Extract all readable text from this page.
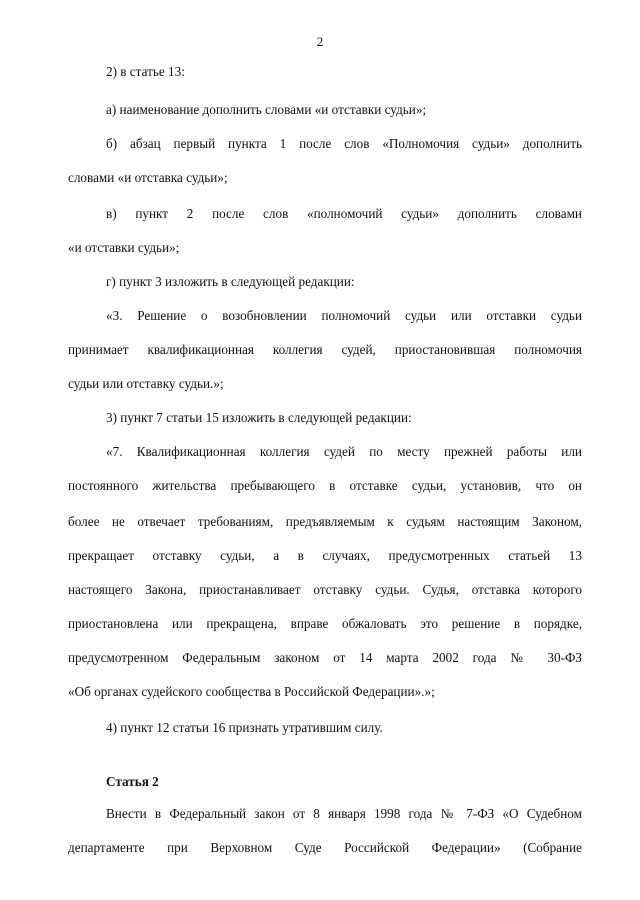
2
2) в статье 13:
а) наименование дополнить словами «и отставки судьи»;
б) абзац первый пункта 1 после слов «Полномочия судьи» дополнить
словами «и отставка судьи»;
в) пункт 2 после слов «полномочий судьи» дополнить словами
«и отставки судьи»;
г) пункт 3 изложить в следующей редакции:
«3. Решение о возобновлении полномочий судьи или отставки судьи
принимает квалификационная коллегия судей, приостановившая полномочия
судьи или отставку судьи.»;
3) пункт 7 статьи 15 изложить в следующей редакции:
«7. Квалификационная коллегия судей по месту прежней работы или
постоянного жительства пребывающего в отставке судьи, установив, что он
более не отвечает требованиям, предъявляемым к судьям настоящим Законом,
прекращает отставку судьи, а в случаях, предусмотренных статьей 13
настоящего Закона, приостанавливает отставку судьи. Судья, отставка которого
приостановлена или прекращена, вправе обжаловать это решение в порядке,
предусмотренном Федеральным законом от 14 марта 2002 года № 30-ФЗ
«Об органах судейского сообщества в Российской Федерации».»;
4) пункт 12 статьи 16 признать утратившим силу.
Статья 2
Внести в Федеральный закон от 8 января 1998 года № 7-ФЗ «О Судебном
департаменте при Верховном Суде Российской Федерации» (Собрание
